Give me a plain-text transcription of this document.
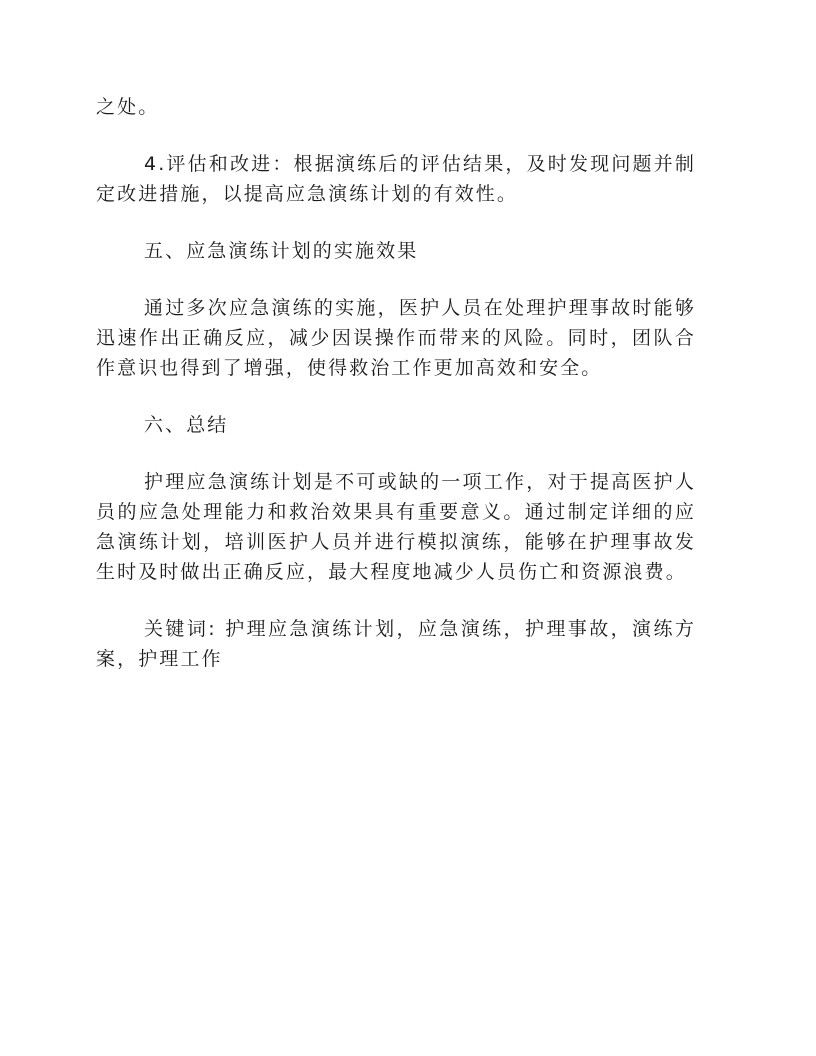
之处。

4.评估和改进：根据演练后的评估结果，及时发现问题并制定改进措施，以提高应急演练计划的有效性。

五、应急演练计划的实施效果

通过多次应急演练的实施，医护人员在处理护理事故时能够迅速作出正确反应，减少因误操作而带来的风险。同时，团队合作意识也得到了增强，使得救治工作更加高效和安全。

六、总结

护理应急演练计划是不可或缺的一项工作，对于提高医护人员的应急处理能力和救治效果具有重要意义。通过制定详细的应急演练计划，培训医护人员并进行模拟演练，能够在护理事故发生时及时做出正确反应，最大程度地减少人员伤亡和资源浪费。

关键词: 护理应急演练计划，应急演练，护理事故，演练方案，护理工作
